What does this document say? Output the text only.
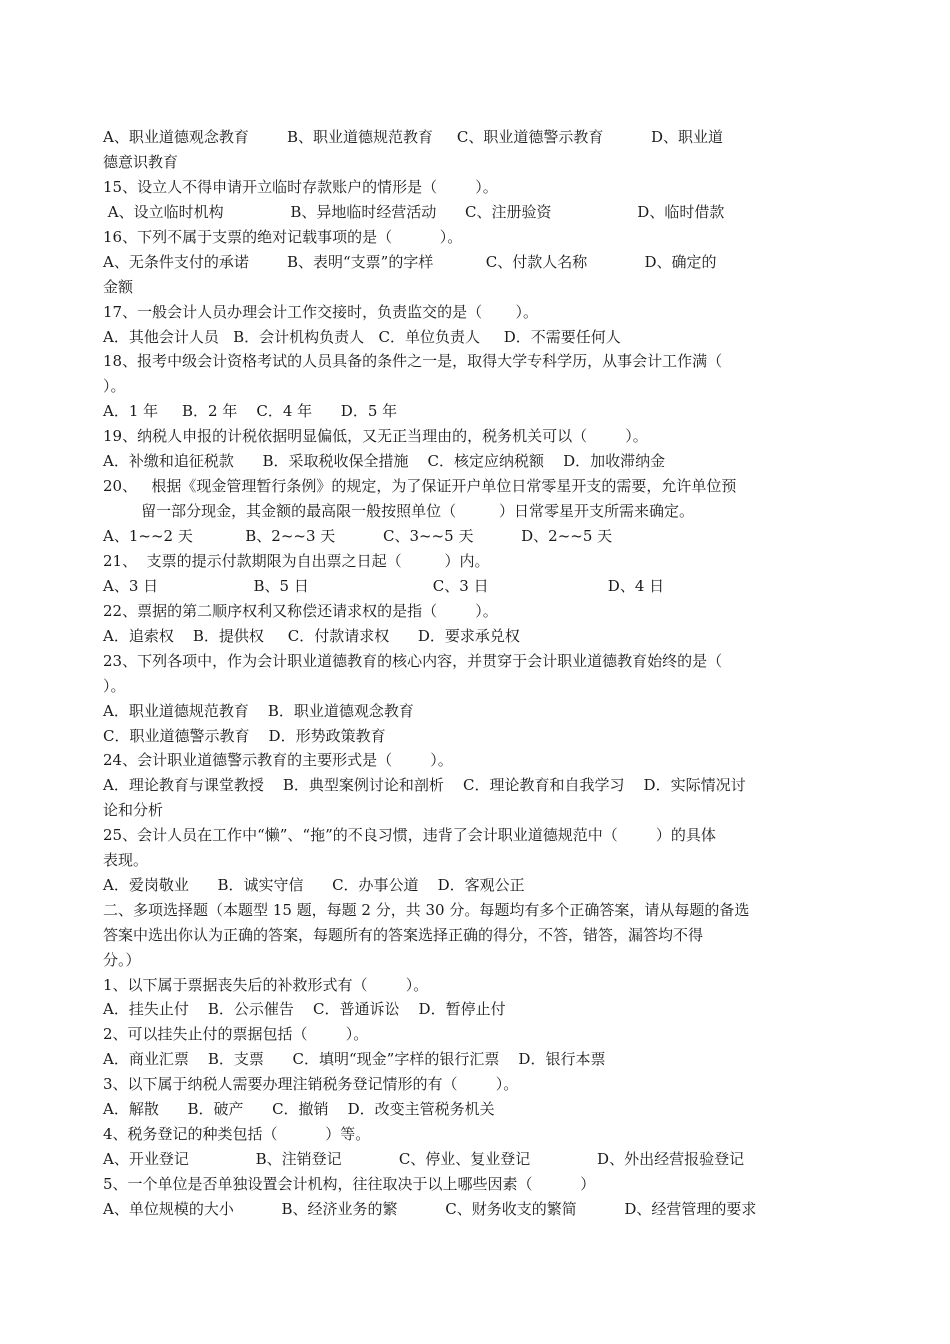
A、职业道德观念教育        B、职业道德规范教育     C、职业道德警示教育          D、职业道
德意识教育
15、设立人不得申请开立临时存款账户的情形是（        ）。
A、设立临时机构              B、异地临时经营活动      C、注册验资                  D、临时借款
16、下列不属于支票的绝对记载事项的是（          ）。
A、无条件支付的承诺        B、表明“支票”的字样           C、付款人名称            D、确定的
金额
17、一般会计人员办理会计工作交接时，负责监交的是（       ）。
A．其他会计人员   B．会计机构负责人   C．单位负责人     D．不需要任何人
18、报考中级会计资格考试的人员具备的条件之一是，取得大学专科学历，从事会计工作满（
）。
A．1 年     B．2 年    C．4 年      D．5 年
19、纳税人申报的计税依据明显偏低，又无正当理由的，税务机关可以（        ）。
A．补缴和追征税款      B．采取税收保全措施    C．核定应纳税额    D．加收滞纳金
20、   根据《现金管理暂行条例》的规定，为了保证开户单位日常零星开支的需要，允许单位预
留一部分现金，其金额的最高限一般按照单位（         ）日常零星开支所需来确定。
A、1~~2 天           B、2~~3 天          C、3~~5 天          D、2~~5 天
21、  支票的提示付款期限为自出票之日起（         ）内。
A、3 日                    B、5 日                          C、3 日                         D、4 日
22、票据的第二顺序权利又称偿还请求权的是指（        ）。
A．追索权    B．提供权     C．付款请求权      D．要求承兑权
23、下列各项中，作为会计职业道德教育的核心内容，并贯穿于会计职业道德教育始终的是（
）。
A．职业道德规范教育    B．职业道德观念教育
C．职业道德警示教育    D．形势政策教育
24、会计职业道德警示教育的主要形式是（        ）。
A．理论教育与课堂教授    B．典型案例讨论和剖析    C．理论教育和自我学习    D．实际情况讨
论和分析
25、会计人员在工作中“懒”、“拖”的不良习惯，违背了会计职业道德规范中（        ）的具体
表现。
A．爱岗敬业      B．诚实守信      C．办事公道    D．客观公正
二、多项选择题（本题型 15 题，每题 2 分，共 30 分。每题均有多个正确答案，请从每题的备选
答案中选出你认为正确的答案，每题所有的答案选择正确的得分，不答，错答，漏答均不得
分。）
1、以下属于票据丧失后的补救形式有（        ）。
A．挂失止付    B．公示催告    C．普通诉讼    D．暂停止付
2、可以挂失止付的票据包括（        ）。
A．商业汇票    B．支票      C．填明“现金”字样的银行汇票    D．银行本票
3、以下属于纳税人需要办理注销税务登记情形的有（        ）。
A．解散      B．破产      C．撤销    D．改变主管税务机关
4、税务登记的种类包括（          ）等。
A、开业登记              B、注销登记            C、停业、复业登记              D、外出经营报验登记
5、一个单位是否单独设置会计机构，往往取决于以上哪些因素（          ）
A、单位规模的大小          B、经济业务的繁          C、财务收支的繁简          D、经营管理的要求
